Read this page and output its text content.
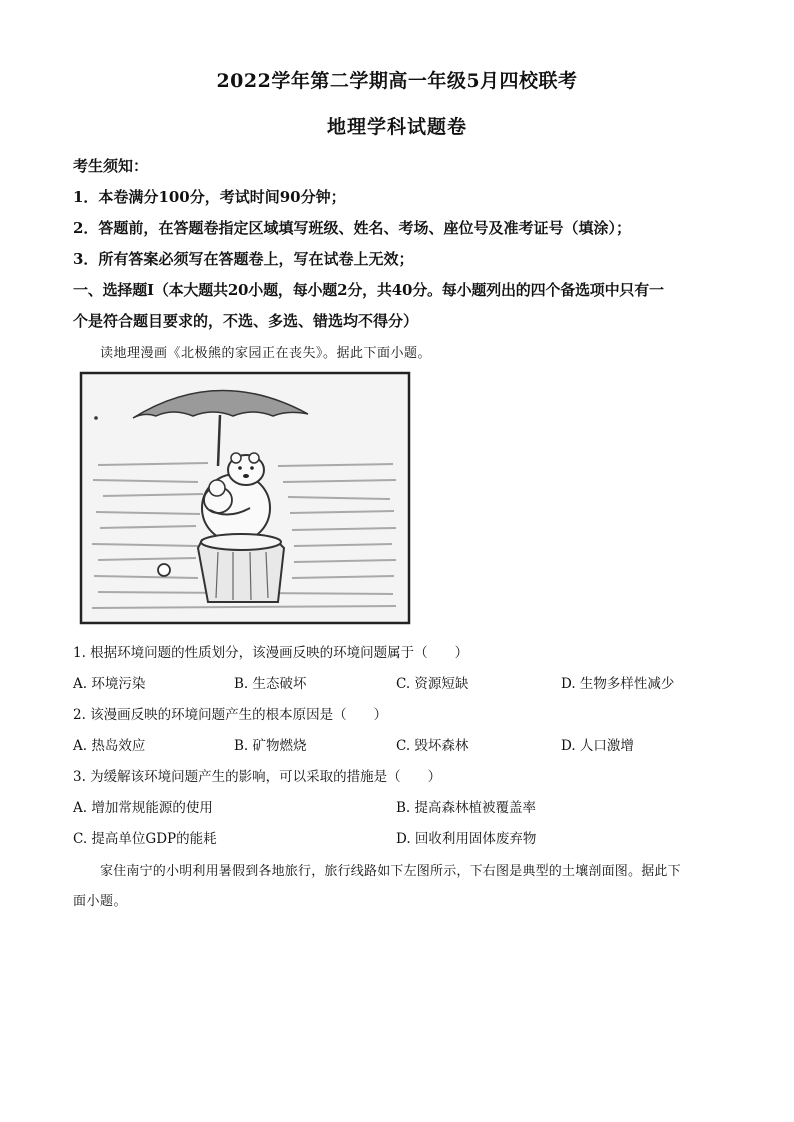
2022学年第二学期高一年级5月四校联考
地理学科试题卷
考生须知：
1．本卷满分100分，考试时间90分钟；
2．答题前，在答题卷指定区域填写班级、姓名、考场、座位号及准考证号（填涂）；
3．所有答案必须写在答题卷上，写在试卷上无效；
一、选择题Ⅰ（本大题共20小题，每小题2分，共40分。每小题列出的四个备选项中只有一
个是符合题目要求的，不选、多选、错选均不得分）
读地理漫画《北极熊的家园正在丧失》。据此下面小题。
1. 根据环境问题的性质划分，该漫画反映的环境问题属于（　　）
A. 环境污染	B. 生态破坏	C. 资源短缺	D. 生物多样性减少
2. 该漫画反映的环境问题产生的根本原因是（　　）
A. 热岛效应	B. 矿物燃烧	C. 毁坏森林	D. 人口激增
3. 为缓解该环境问题产生的影响，可以采取的措施是（　　）
A. 增加常规能源的使用	B. 提高森林植被覆盖率
C. 提高单位GDP的能耗	D. 回收利用固体废弃物
家住南宁的小明利用暑假到各地旅行，旅行线路如下左图所示，下右图是典型的土壤剖面图。据此下
面小题。
